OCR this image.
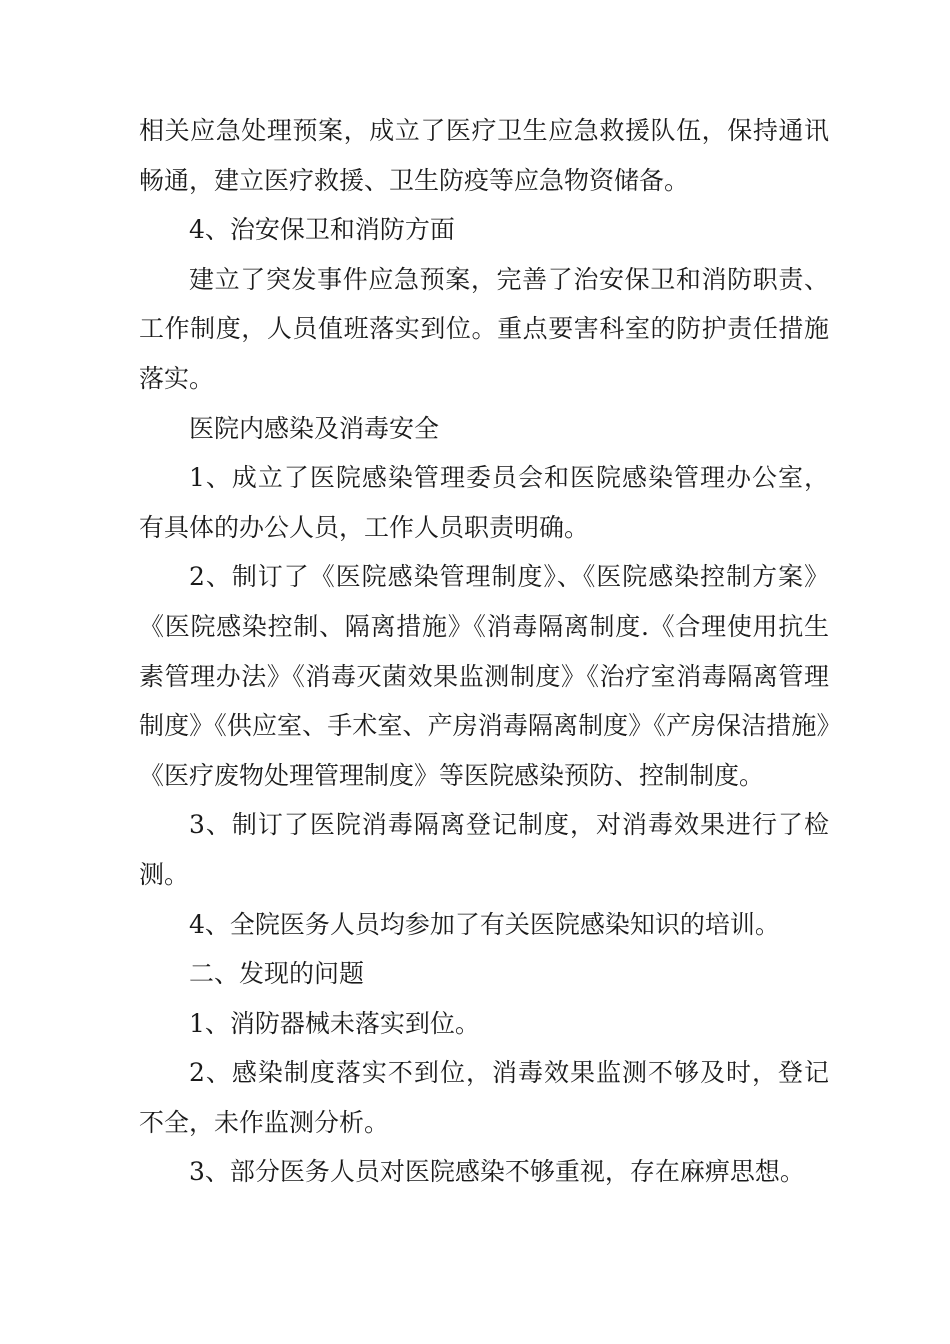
相关应急处理预案，成立了医疗卫生应急救援队伍，保持通讯畅通，建立医疗救援、卫生防疫等应急物资储备。

4、治安保卫和消防方面

建立了突发事件应急预案，完善了治安保卫和消防职责、工作制度，人员值班落实到位。重点要害科室的防护责任措施落实。

医院内感染及消毒安全

1、成立了医院感染管理委员会和医院感染管理办公室，有具体的办公人员，工作人员职责明确。

2、制订了《医院感染管理制度》、《医院感染控制方案》《医院感染控制、隔离措施》《消毒隔离制度.《合理使用抗生素管理办法》《消毒灭菌效果监测制度》《治疗室消毒隔离管理制度》《供应室、手术室、产房消毒隔离制度》《产房保洁措施》《医疗废物处理管理制度》等医院感染预防、控制制度。

3、制订了医院消毒隔离登记制度，对消毒效果进行了检测。

4、全院医务人员均参加了有关医院感染知识的培训。

二、发现的问题

1、消防器械未落实到位。

2、感染制度落实不到位，消毒效果监测不够及时，登记不全，未作监测分析。

3、部分医务人员对医院感染不够重视，存在麻痹思想。
